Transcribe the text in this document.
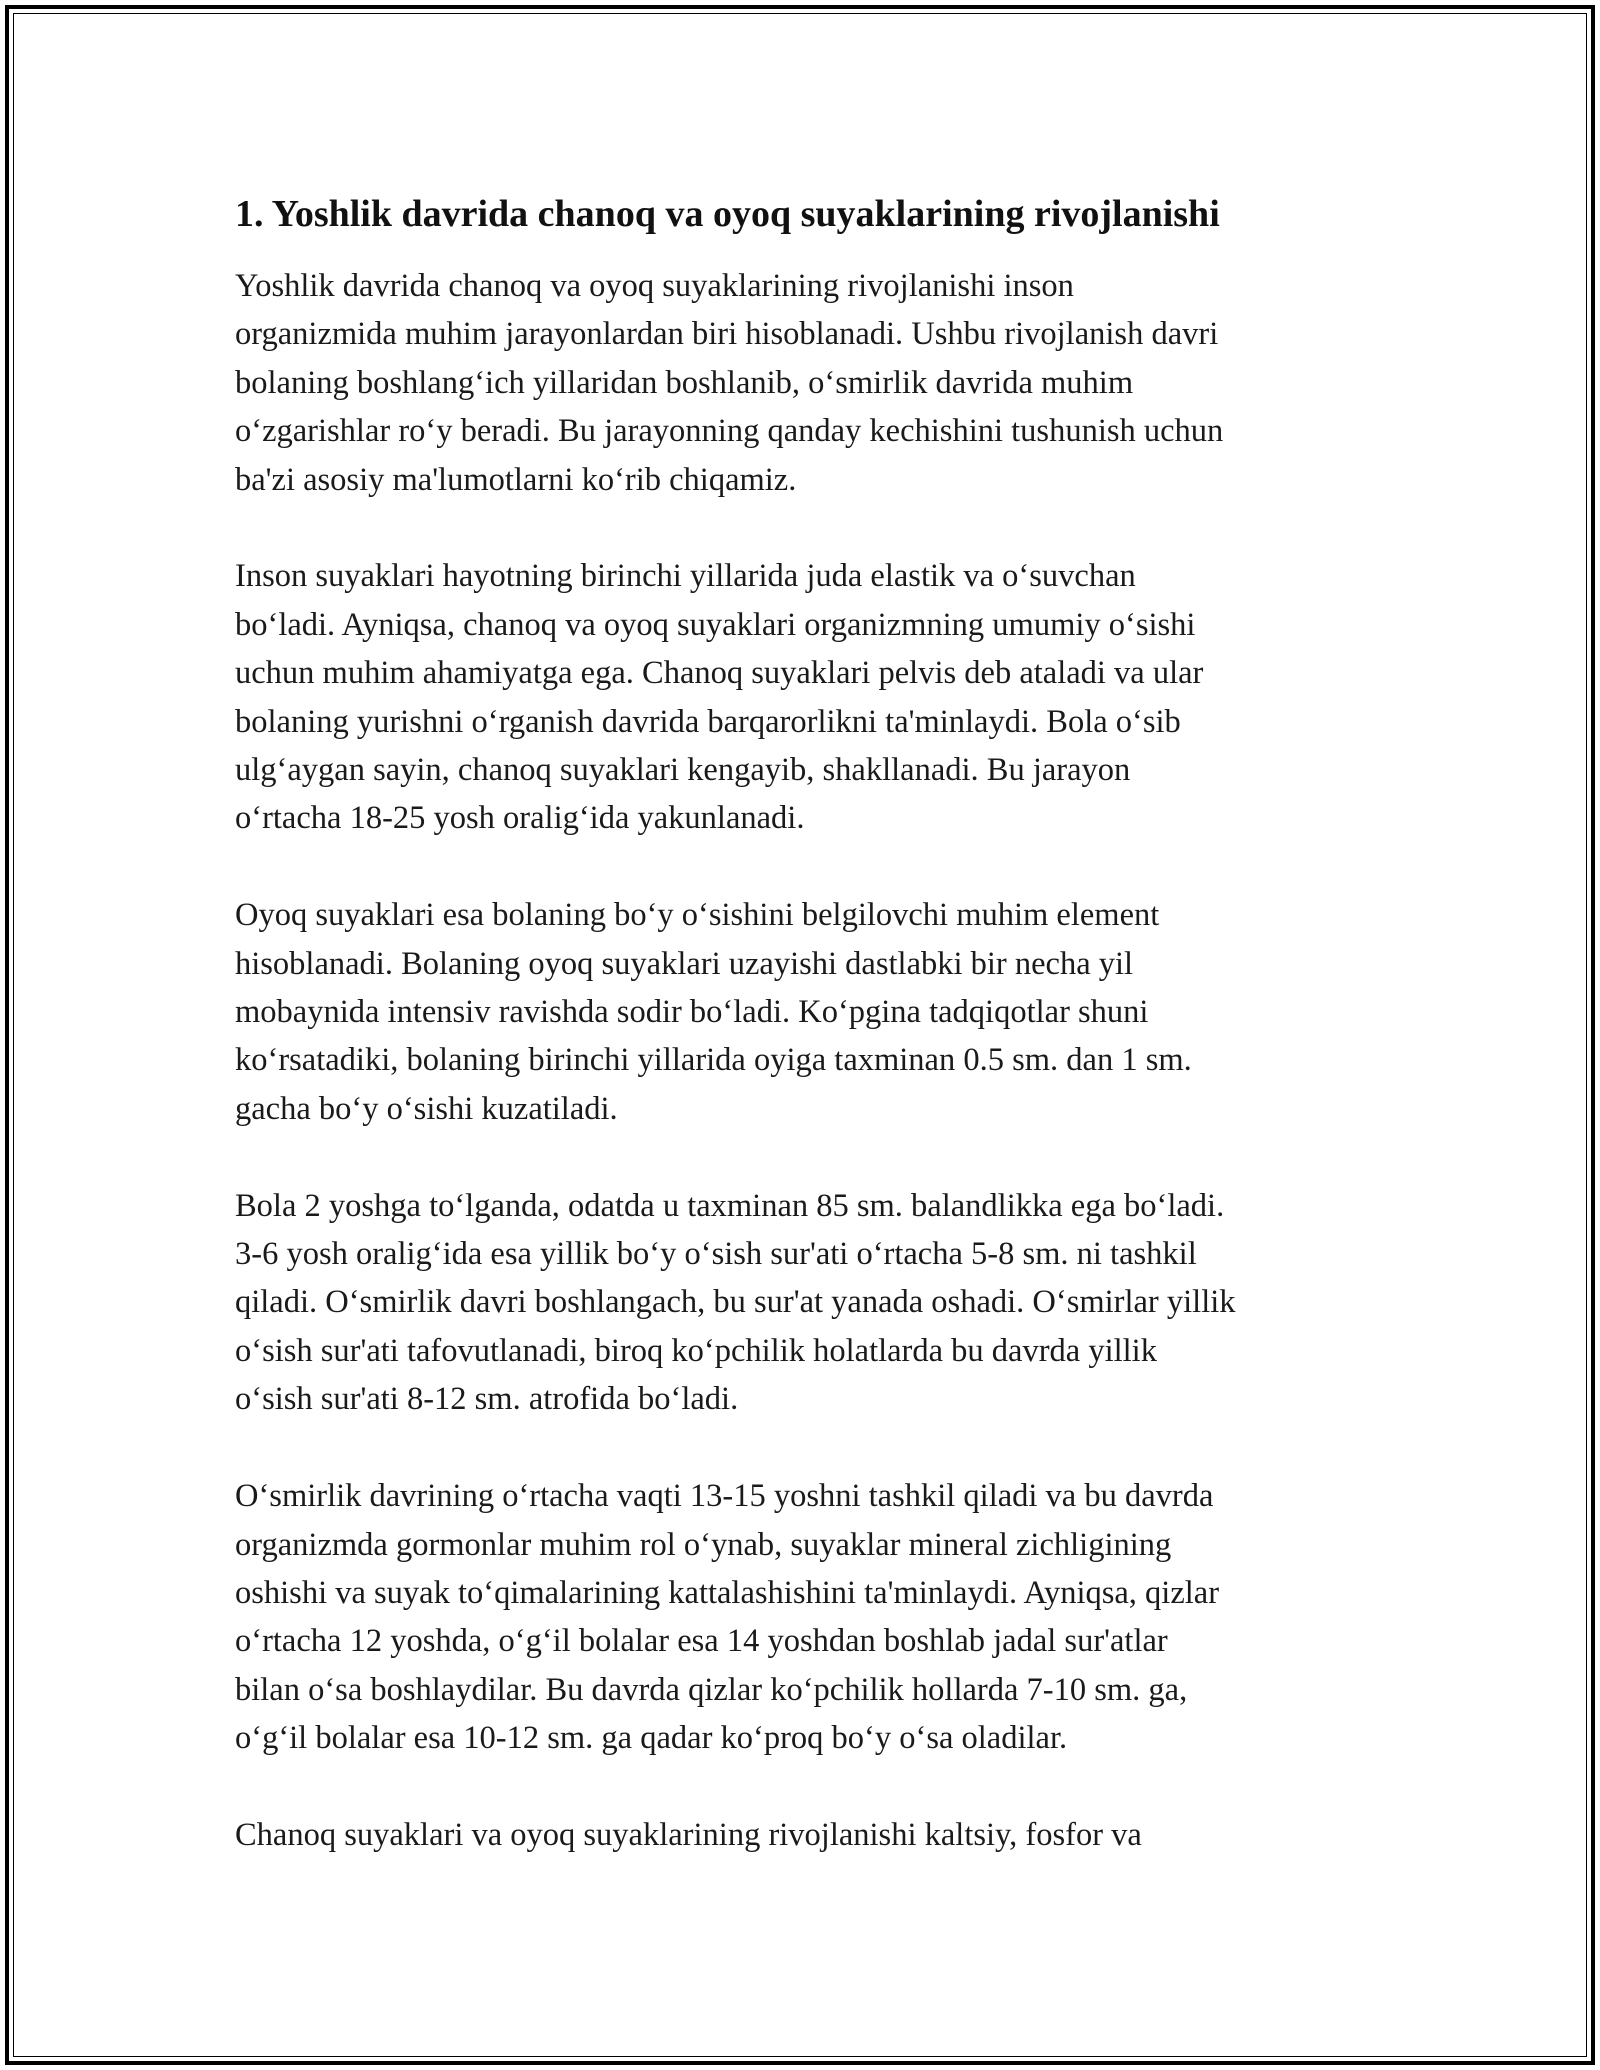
1. Yoshlik davrida chanoq va oyoq suyaklarining rivojlanishi
Yoshlik davrida chanoq va oyoq suyaklarining rivojlanishi inson
organizmida muhim jarayonlardan biri hisoblanadi. Ushbu rivojlanish davri
bolaning boshlang‘ich yillaridan boshlanib, o‘smirlik davrida muhim
o‘zgarishlar ro‘y beradi. Bu jarayonning qanday kechishini tushunish uchun
ba'zi asosiy ma'lumotlarni ko‘rib chiqamiz.
Inson suyaklari hayotning birinchi yillarida juda elastik va o‘suvchan
bo‘ladi. Ayniqsa, chanoq va oyoq suyaklari organizmning umumiy o‘sishi
uchun muhim ahamiyatga ega. Chanoq suyaklari pelvis deb ataladi va ular
bolaning yurishni o‘rganish davrida barqarorlikni ta'minlaydi. Bola o‘sib
ulg‘aygan sayin, chanoq suyaklari kengayib, shakllanadi. Bu jarayon
o‘rtacha 18-25 yosh oralig‘ida yakunlanadi.
Oyoq suyaklari esa bolaning bo‘y o‘sishini belgilovchi muhim element
hisoblanadi. Bolaning oyoq suyaklari uzayishi dastlabki bir necha yil
mobaynida intensiv ravishda sodir bo‘ladi. Ko‘pgina tadqiqotlar shuni
ko‘rsatadiki, bolaning birinchi yillarida oyiga taxminan 0.5 sm. dan 1 sm.
gacha bo‘y o‘sishi kuzatiladi.
Bola 2 yoshga to‘lganda, odatda u taxminan 85 sm. balandlikka ega bo‘ladi.
3-6 yosh oralig‘ida esa yillik bo‘y o‘sish sur'ati o‘rtacha 5-8 sm. ni tashkil
qiladi. O‘smirlik davri boshlangach, bu sur'at yanada oshadi. O‘smirlar yillik
o‘sish sur'ati tafovutlanadi, biroq ko‘pchilik holatlarda bu davrda yillik
o‘sish sur'ati 8-12 sm. atrofida bo‘ladi.
O‘smirlik davrining o‘rtacha vaqti 13-15 yoshni tashkil qiladi va bu davrda
organizmda gormonlar muhim rol o‘ynab, suyaklar mineral zichligining
oshishi va suyak to‘qimalarining kattalashishini ta'minlaydi. Ayniqsa, qizlar
o‘rtacha 12 yoshda, o‘g‘il bolalar esa 14 yoshdan boshlab jadal sur'atlar
bilan o‘sa boshlaydilar. Bu davrda qizlar ko‘pchilik hollarda 7-10 sm. ga,
o‘g‘il bolalar esa 10-12 sm. ga qadar ko‘proq bo‘y o‘sa oladilar.
Chanoq suyaklari va oyoq suyaklarining rivojlanishi kaltsiy, fosfor va
